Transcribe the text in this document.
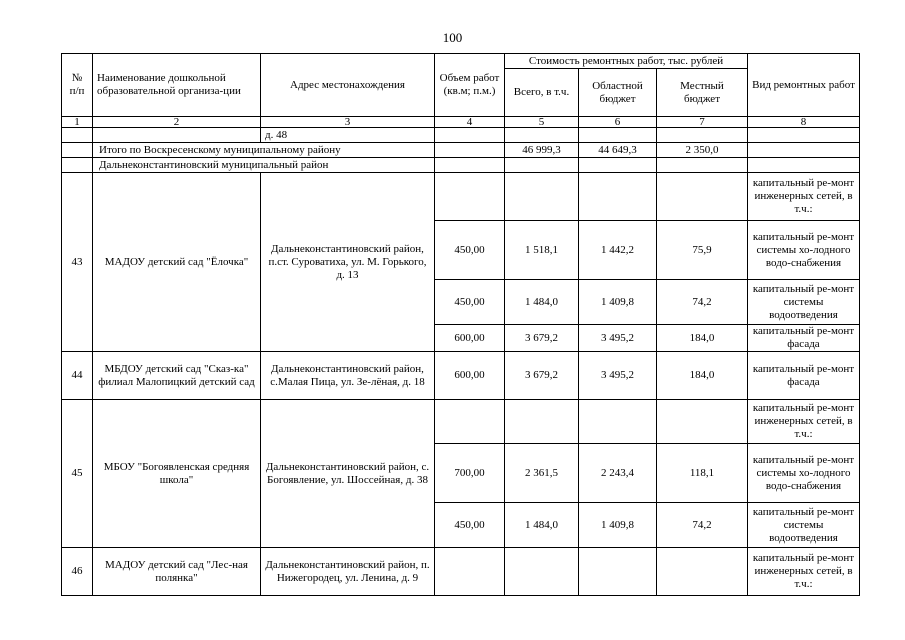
100
№ п/п	Наименование дошкольной образовательной организа-ции	Адрес местонахождения	Объем работ (кв.м; п.м.)	Стоимость ремонтных работ, тыс. рублей			Вид ремонтных работ
				Всего, в т.ч.	Областной бюджет	Местный бюджет	
1	2	3	4	5	6	7	8
		д. 48					
	Итого по Воскресенскому муниципальному району			46 999,3	44 649,3	2 350,0	
	Дальнеконстантиновский муниципальный район						
43	МАДОУ детский сад "Ёлочка"	Дальнеконстантиновский район, п.ст. Суроватиха, ул. М. Горького, д. 13					капитальный ре-монт инженерных сетей, в т.ч.:
			450,00	1 518,1	1 442,2	75,9	капитальный ре-монт системы хо-лодного водо-снабжения
			450,00	1 484,0	1 409,8	74,2	капитальный ре-монт системы водоотведения
			600,00	3 679,2	3 495,2	184,0	капитальный ре-монт фасада
44	МБДОУ детский сад "Сказ-ка" филиал Малопицкий детский сад	Дальнеконстантиновский район, с.Малая Пица, ул. Зе-лёная, д. 18	600,00	3 679,2	3 495,2	184,0	капитальный ре-монт фасада
45	МБОУ "Богоявленская средняя школа"	Дальнеконстантиновский район, с. Богоявление, ул. Шоссейная, д. 38					капитальный ре-монт инженерных сетей, в т.ч.:
			700,00	2 361,5	2 243,4	118,1	капитальный ре-монт системы хо-лодного водо-снабжения
			450,00	1 484,0	1 409,8	74,2	капитальный ре-монт системы водоотведения
46	МАДОУ детский сад "Лес-ная полянка"	Дальнеконстантиновский район, п. Нижегородец, ул. Ленина, д. 9					капитальный ре-монт инженерных сетей, в т.ч.:
